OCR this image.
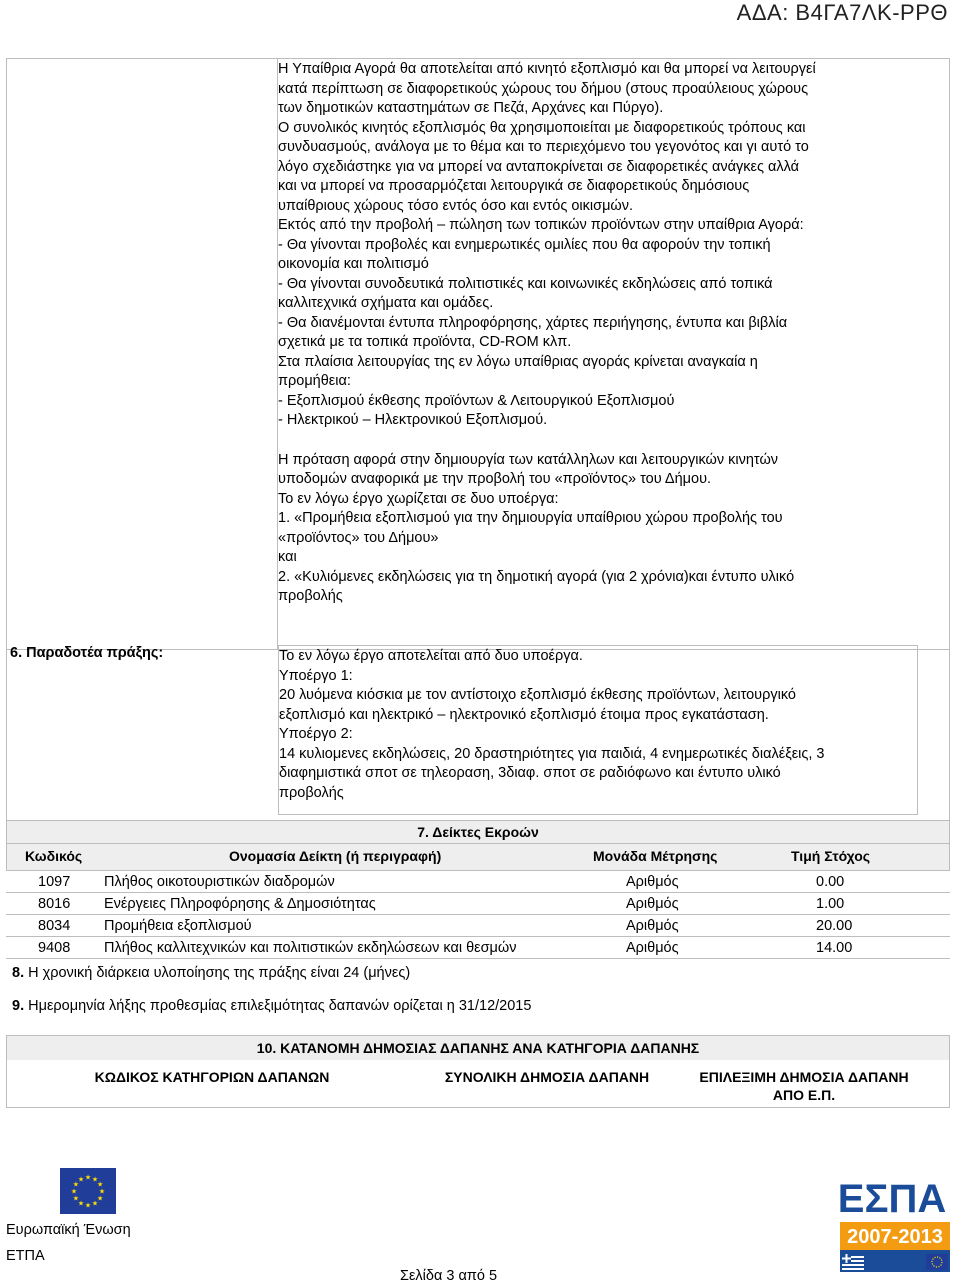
ΑΔΑ: Β4ΓΑ7ΛΚ-ΡΡΘ

Η Υπαίθρια Αγορά θα αποτελείται από κινητό εξοπλισμό και θα μπορεί να λειτουργεί

κατά περίπτωση σε διαφορετικούς χώρους του δήμου (στους προαύλειους χώρους

των δημοτικών καταστημάτων σε Πεζά, Αρχάνες και Πύργο).

Ο συνολικός κινητός εξοπλισμός θα χρησιμοποιείται με διαφορετικούς τρόπους και

συνδυασμούς, ανάλογα με το θέμα και το περιεχόμενο του γεγονότος και γι αυτό το

λόγο σχεδιάστηκε για να μπορεί να ανταποκρίνεται σε διαφορετικές ανάγκες αλλά

και να μπορεί να προσαρμόζεται λειτουργικά σε διαφορετικούς δημόσιους

υπαίθριους χώρους τόσο εντός όσο και εντός οικισμών.

Εκτός από την προβολή – πώληση των τοπικών προϊόντων στην υπαίθρια Αγορά:

- Θα γίνονται προβολές και ενημερωτικές ομιλίες που θα αφορούν την τοπική

οικονομία και πολιτισμό

- Θα γίνονται συνοδευτικά πολιτιστικές και κοινωνικές εκδηλώσεις από τοπικά

καλλιτεχνικά σχήματα και ομάδες.

- Θα διανέμονται έντυπα πληροφόρησης, χάρτες περιήγησης, έντυπα και βιβλία

σχετικά με τα τοπικά προϊόντα, CD-ROM κλπ.

Στα πλαίσια λειτουργίας της εν λόγω υπαίθριας αγοράς κρίνεται αναγκαία η

προμήθεια:

- Εξοπλισμού έκθεσης προϊόντων & Λειτουργικού Εξοπλισμού

- Ηλεκτρικού – Ηλεκτρονικού Εξοπλισμού.

Η πρόταση αφορά στην δημιουργία των κατάλληλων και λειτουργικών κινητών

υποδομών αναφορικά με την προβολή του «προϊόντος» του Δήμου.

Το εν λόγω έργο χωρίζεται σε δυο υποέργα:

1. «Προμήθεια εξοπλισμού για την δημιουργία υπαίθριου χώρου προβολής του

«προϊόντος» του Δήμου»

και

2. «Κυλιόμενες εκδηλώσεις για τη δημοτική αγορά (για 2 χρόνια)και έντυπο υλικό

προβολής

6. Παραδοτέα πράξης:	Το εν λόγω έργο αποτελείται από δυο υποέργα.

Υποέργο 1:

20 λυόμενα κιόσκια με τον αντίστοιχο εξοπλισμό έκθεσης προϊόντων, λειτουργικό

εξοπλισμό και ηλεκτρικό – ηλεκτρονικό εξοπλισμό έτοιμα προς εγκατάσταση.

Υποέργο 2:

14 κυλιομενες εκδηλώσεις, 20 δραστηριότητες για παιδιά, 4 ενημερωτικές διαλέξεις, 3

διαφημιστικά σποτ σε τηλεοραση, 3διαφ. σποτ σε ραδιόφωνο και έντυπο υλικό

προβολής

7. Δείκτες Εκροών
Κωδικός	Ονομασία Δείκτη (ή περιγραφή)	Μονάδα Μέτρησης	Τιμή Στόχος
1097 Πλήθος οικοτουριστικών διαδρομών	Αριθμός	0.00
8016 Ενέργειες Πληροφόρησης & Δημοσιότητας	Αριθμός	1.00
8034 Προμήθεια εξοπλισμού	Αριθμός	20.00
9408 Πλήθος καλλιτεχνικών και πολιτιστικών εκδηλώσεων και θεσμών	Αριθμός	14.00
8. Η χρονική διάρκεια υλοποίησης της πράξης είναι 24 (μήνες)
9. Ημερομηνία λήξης προθεσμίας επιλεξιμότητας δαπανών ορίζεται η 31/12/2015
10. ΚΑΤΑΝΟΜΗ ΔΗΜΟΣΙΑΣ ΔΑΠΑΝΗΣ ΑΝΑ ΚΑΤΗΓΟΡΙΑ ΔΑΠΑΝΗΣ
ΚΩΔΙΚΟΣ ΚΑΤΗΓΟΡΙΩΝ ΔΑΠΑΝΩΝ	ΣΥΝΟΛΙΚΗ ΔΗΜΟΣΙΑ ΔΑΠΑΝΗ	ΕΠΙΛΕΞΙΜΗ ΔΗΜΟΣΙΑ ΔΑΠΑΝΗ
ΑΠΟ Ε.Π.
★
★
★
★
★
★
★
★
★ ★ ★
★
Ευρωπαϊκή Ένωση
ΕΤΠΑ
ΕΣΠΑ
2007-2013
Σελίδα 3 από 5
